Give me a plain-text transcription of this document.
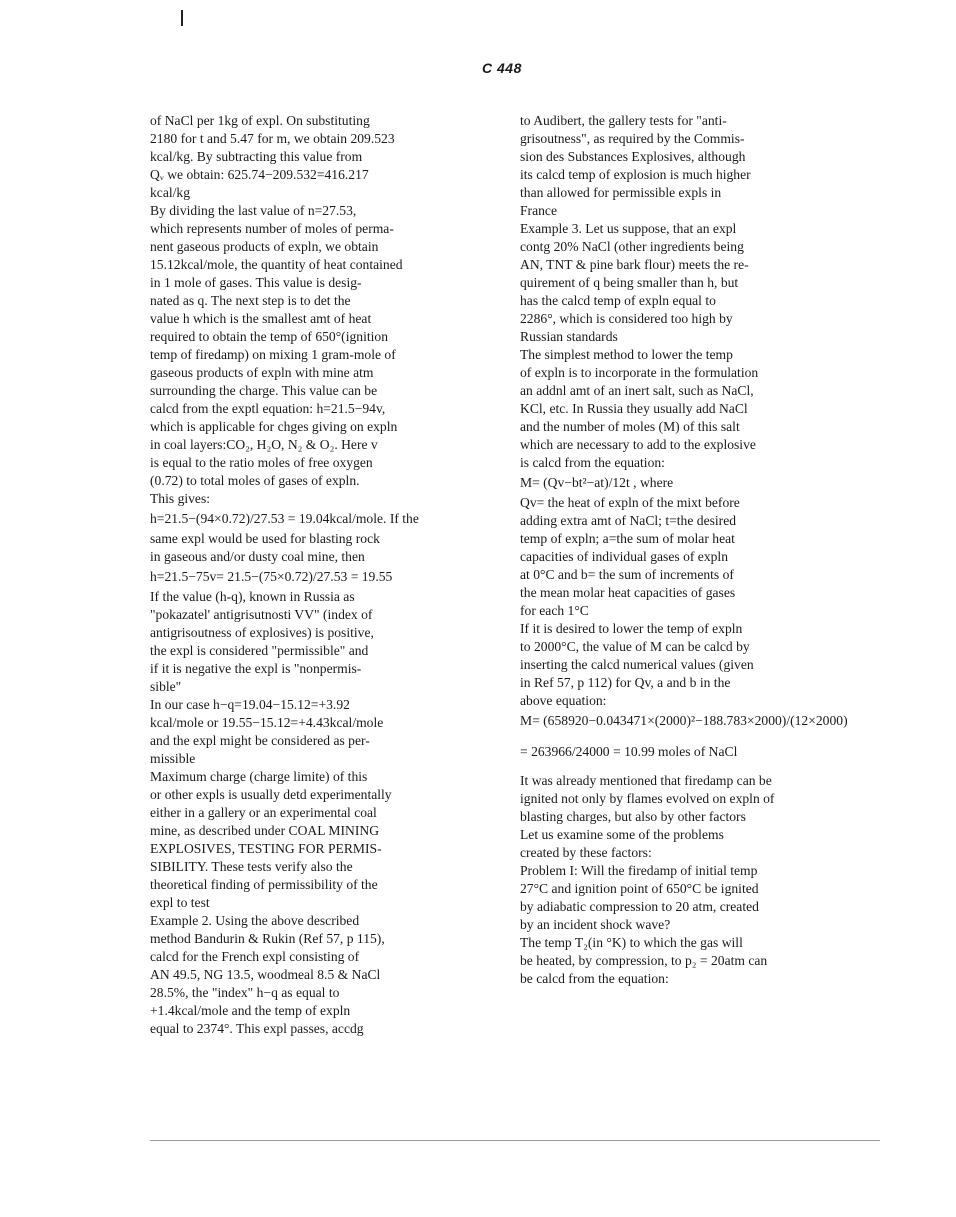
C 448
of NaCl per 1kg of expl. On substituting
2180 for t and 5.47 for m, we obtain 209.523
kcal/kg. By subtracting this value from
Qᵥ we obtain: 625.74−209.532=416.217
kcal/kg
By dividing the last value of n=27.53,
which represents number of moles of perma-
nent gaseous products of expln, we obtain
15.12kcal/mole, the quantity of heat contained
in 1 mole of gases. This value is desig-
nated as q. The next step is to det the
value h which is the smallest amt of heat
required to obtain the temp of 650°(ignition
temp of firedamp) on mixing 1 gram-mole of
gaseous products of expln with mine atm
surrounding the charge. This value can be
calcd from the exptl equation: h=21.5−94v,
which is applicable for chges giving on expln
in coal layers:CO₂, H₂O, N₂ & O₂. Here v
is equal to the ratio moles of free oxygen
(0.72) to total moles of gases of expln.
This gives:
h=21.5−(94×0.72)/27.53 = 19.04kcal/mole. If the
same expl would be used for blasting rock
in gaseous and/or dusty coal mine, then
h=21.5−75v= 21.5−(75×0.72)/27.53 = 19.55
If the value (h-q), known in Russia as
"pokazatel' antigrisutnosti VV" (index of
antigrisoutness of explosives) is positive,
the expl is considered "permissible" and
if it is negative the expl is "nonpermis-
sible"
In our case h−q=19.04−15.12=+3.92
kcal/mole or 19.55−15.12=+4.43kcal/mole
and the expl might be considered as per-
missible
Maximum charge (charge limite) of this
or other expls is usually detd experimentally
either in a gallery or an experimental coal
mine, as described under COAL MINING
EXPLOSIVES, TESTING FOR PERMIS-
SIBILITY. These tests verify also the
theoretical finding of permissibility of the
expl to test
Example 2. Using the above described
method Bandurin & Rukin (Ref 57, p 115),
calcd for the French expl consisting of
AN 49.5, NG 13.5, woodmeal 8.5 & NaCl
28.5%, the "index" h−q as equal to
+1.4kcal/mole and the temp of expln
equal to 2374°. This expl passes, accdg
to Audibert, the gallery tests for "anti-
grisoutness", as required by the Commis-
sion des Substances Explosives, although
its calcd temp of explosion is much higher
than allowed for permissible expls in
France
Example 3. Let us suppose, that an expl
contg 20% NaCl (other ingredients being
AN, TNT & pine bark flour) meets the re-
quirement of q being smaller than h, but
has the calcd temp of expln equal to
2286°, which is considered too high by
Russian standards
The simplest method to lower the temp
of expln is to incorporate in the formulation
an addnl amt of an inert salt, such as NaCl,
KCl, etc. In Russia they usually add NaCl
and the number of moles (M) of this salt
which are necessary to add to the explosive
is calcd from the equation:
M= (Qv−bt²−at)/12t , where
Qv= the heat of expln of the mixt before
adding extra amt of NaCl; t=the desired
temp of expln; a=the sum of molar heat
capacities of individual gases of expln
at 0°C and b= the sum of increments of
the mean molar heat capacities of gases
for each 1°C
If it is desired to lower the temp of expln
to 2000°C, the value of M can be calcd by
inserting the calcd numerical values (given
in Ref 57, p 112) for Qv, a and b in the
above equation:
M= (658920−0.043471×(2000)²−188.783×2000)/(12×2000)
= 263966/24000 = 10.99 moles of NaCl
It was already mentioned that firedamp can be
ignited not only by flames evolved on expln of
blasting charges, but also by other factors
Let us examine some of the problems
created by these factors:
Problem I: Will the firedamp of initial temp
27°C and ignition point of 650°C be ignited
by adiabatic compression to 20 atm, created
by an incident shock wave?
The temp T₂(in °K) to which the gas will
be heated, by compression, to p₂ = 20atm can
be calcd from the equation:
